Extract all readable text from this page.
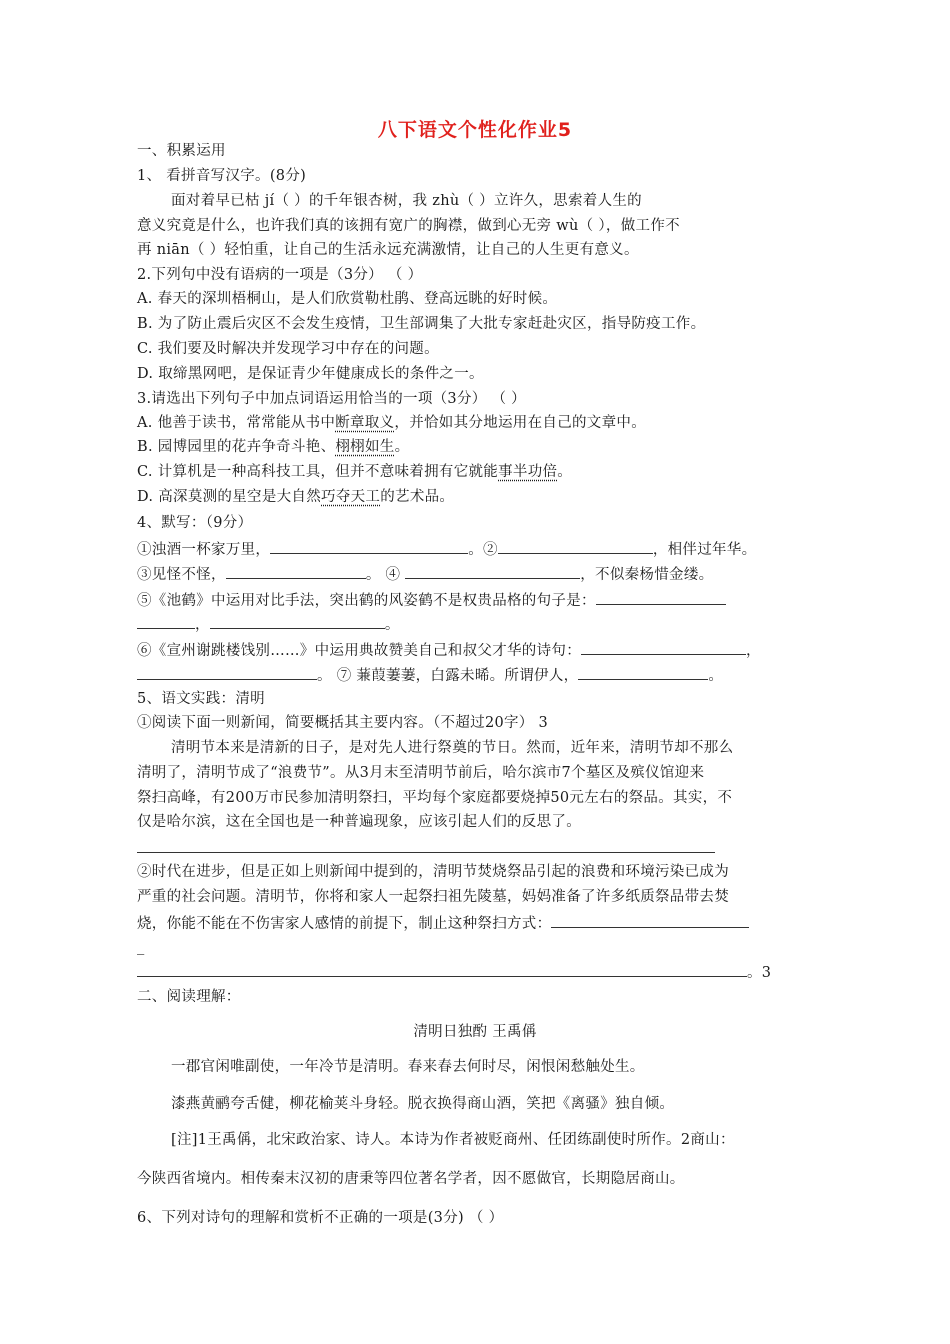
八下语文个性化作业5
一、积累运用
1、 看拼音写汉字。(8分)
面对着早已枯 jí（ ）的千年银杏树，我 zhù（ ）立许久，思索着人生的
意义究竟是什么，也许我们真的该拥有宽广的胸襟，做到心无旁 wù（ ），做工作不
再 niān（ ）轻怕重，让自己的生活永远充满激情，让自己的人生更有意义。
2.下列句中没有语病的一项是（3分） （ ）
A. 春天的深圳梧桐山，是人们欣赏勒杜鹃、登高远眺的好时候。
B. 为了防止震后灾区不会发生疫情，卫生部调集了大批专家赶赴灾区，指导防疫工作。
C. 我们要及时解决并发现学习中存在的问题。
D. 取缔黑网吧，是保证青少年健康成长的条件之一。
3.请选出下列句子中加点词语运用恰当的一项（3分） （ ）
A. 他善于读书，常常能从书中断章取义，并恰如其分地运用在自己的文章中。
B. 园博园里的花卉争奇斗艳、栩栩如生。
C. 计算机是一种高科技工具，但并不意味着拥有它就能事半功倍。
D. 高深莫测的星空是大自然巧夺天工的艺术品。
4、默写：（9分）
①浊酒一杯家万里，	。②	，相伴过年华。
③见怪不怪，	。 ④	，不似秦杨惜金缕。
⑤《池鹤》中运用对比手法，突出鹤的风姿鹤不是权贵品格的句子是：
，	。
⑥《宣州谢跳楼饯别……》中运用典故赞美自己和叔父才华的诗句：	，
。 ⑦ 蒹葭萋萋，白露未晞。所谓伊人，	。
5、语文实践：清明
①阅读下面一则新闻，简要概括其主要内容。（不超过20字） 3
清明节本来是清新的日子，是对先人进行祭奠的节日。然而，近年来，清明节却不那么
清明了，清明节成了“浪费节”。从3月末至清明节前后，哈尔滨市7个墓区及殡仪馆迎来
祭扫高峰，有200万市民参加清明祭扫，平均每个家庭都要烧掉50元左右的祭品。其实，不
仅是哈尔滨，这在全国也是一种普遍现象，应该引起人们的反思了。
②时代在进步，但是正如上则新闻中提到的，清明节焚烧祭品引起的浪费和环境污染已成为
严重的社会问题。清明节，你将和家人一起祭扫祖先陵墓，妈妈准备了许多纸质祭品带去焚
烧，你能不能在不伤害家人感情的前提下，制止这种祭扫方式：
_
。3
二、阅读理解：
清明日独酌 王禹偁
一郡官闲唯副使，一年冷节是清明。春来春去何时尽，闲恨闲愁触处生。
漆燕黄鹂夸舌健，柳花榆荚斗身轻。脱衣换得商山酒，笑把《离骚》独自倾。
[注]1王禹偁，北宋政治家、诗人。本诗为作者被贬商州、任团练副使时所作。2商山：
今陕西省境内。相传秦末汉初的唐秉等四位著名学者，因不愿做官，长期隐居商山。
6、下列对诗句的理解和赏析不正确的一项是(3分) （ ）
